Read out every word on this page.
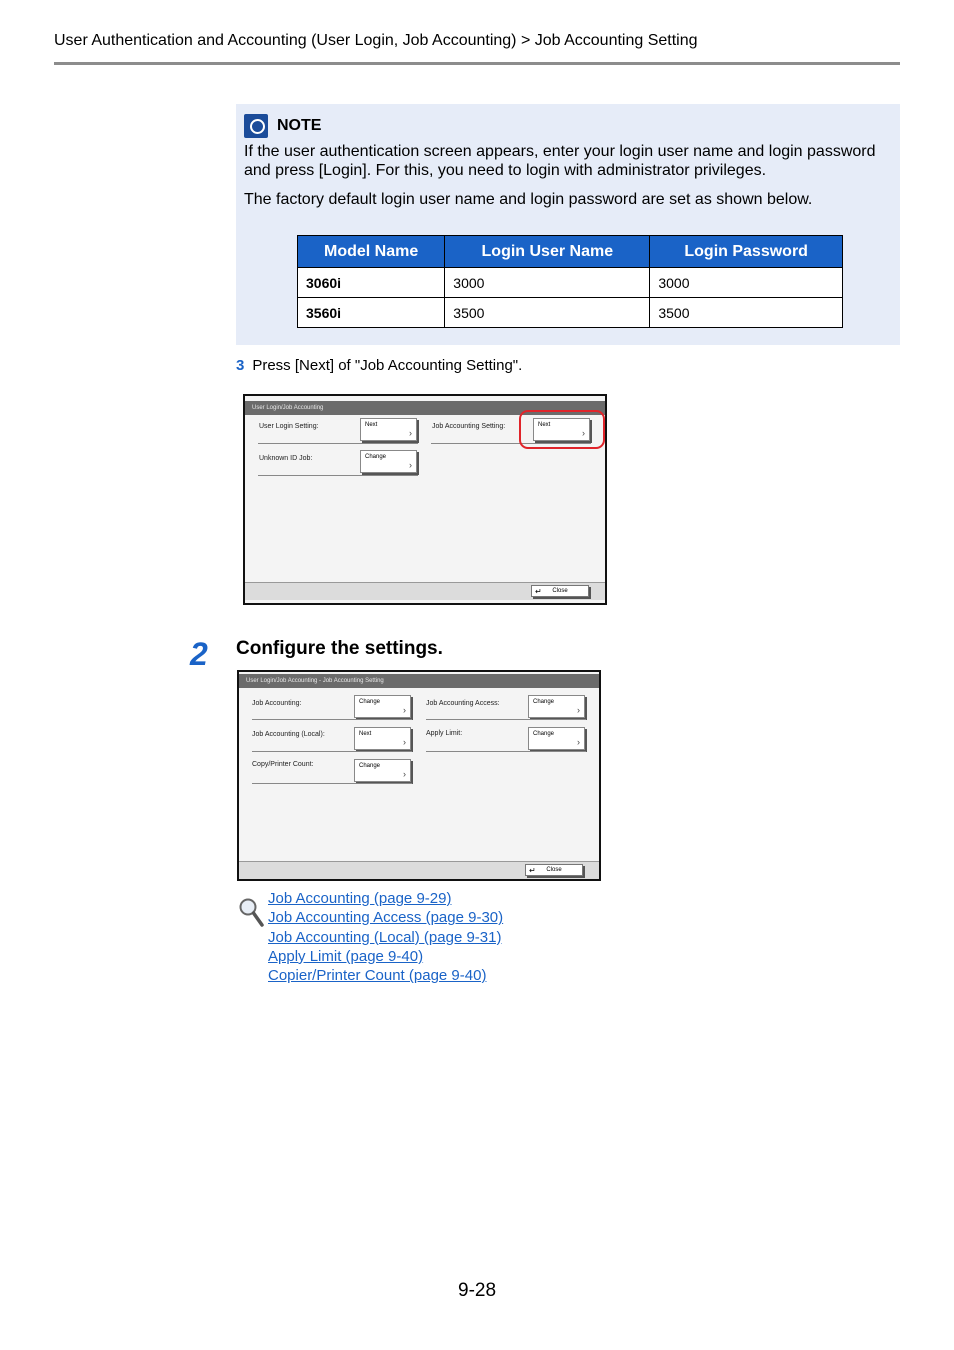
User Authentication and Accounting (User Login, Job Accounting) > Job Accounting Setting
NOTE
If the user authentication screen appears, enter your login user name and login password and press [Login]. For this, you need to login with administrator privileges.
The factory default login user name and login password are set as shown below.
Model Name	Login User Name	Login Password
3060i	3000	3000
3560i	3500	3500
3 Press [Next] of "Job Accounting Setting".
User Login/Job Accounting
User Login Setting:	Next
›
Job Accounting Setting:	Next
›
Unknown ID Job:	Change
›
↵ Close
2 Configure the settings.
User Login/Job Accounting - Job Accounting Setting
Job Accounting:	Change
›
Job Accounting Access:	Change
›
Job Accounting (Local):	Next
›
Apply Limit:	Change
›
Copy/Printer Count:	Change
›
↵ Close
Job Accounting (page 9-29)
Job Accounting Access (page 9-30)
Job Accounting (Local) (page 9-31)
Apply Limit (page 9-40)
Copier/Printer Count (page 9-40)
9-28
